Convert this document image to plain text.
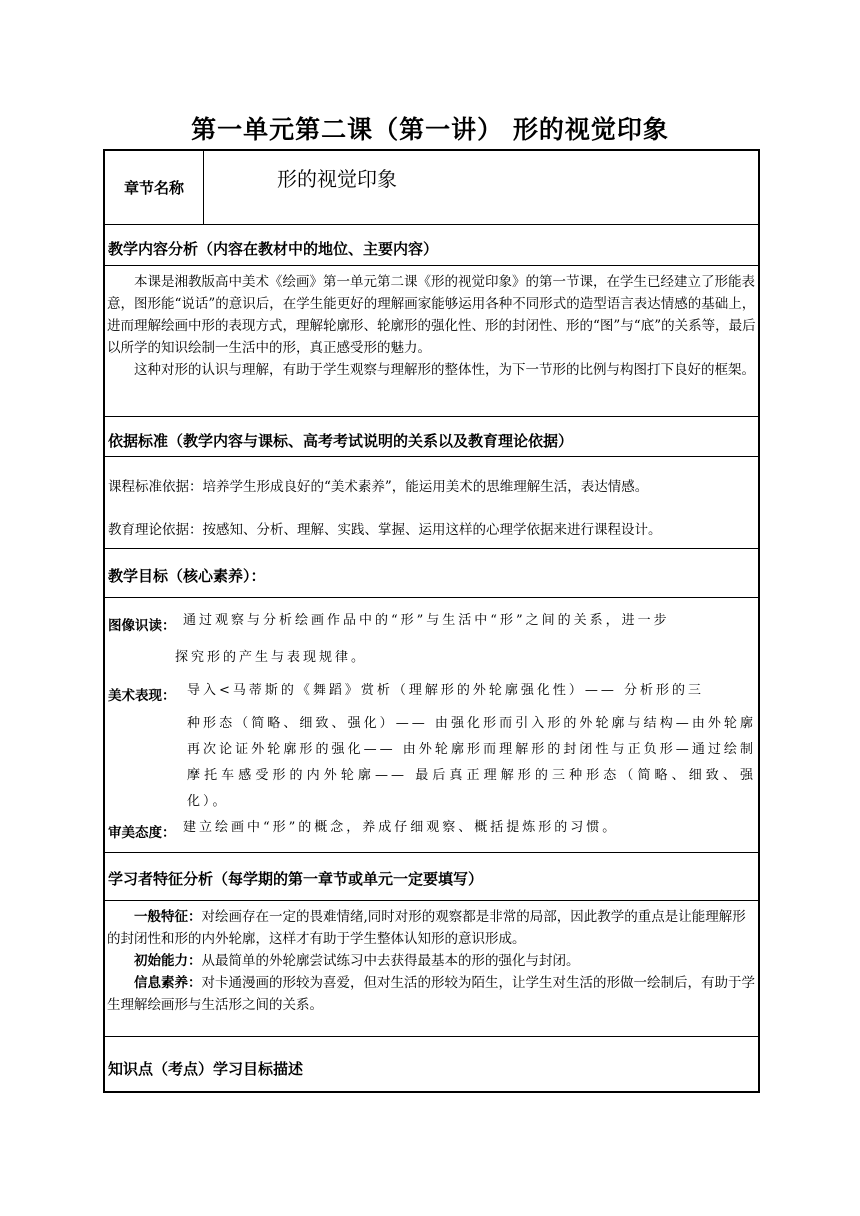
第一单元第二课（第一讲） 形的视觉印象
章节名称	形的视觉印象
教学内容分析（内容在教材中的地位、主要内容）

本课是湘教版高中美术《绘画》第一单元第二课《形的视觉印象》的第一节课，在学生已经建立了形能表意，图形能“说话”的意识后，在学生能更好的理解画家能够运用各种不同形式的造型语言表达情感的基础上，进而理解绘画中形的表现方式，理解轮廓形、轮廓形的强化性、形的封闭性、形的“图”与“底”的关系等，最后以所学的知识绘制一生活中的形，真正感受形的魅力。

这种对形的认识与理解，有助于学生观察与理解形的整体性，为下一节形的比例与构图打下良好的框架。

依据标准（教学内容与课标、高考考试说明的关系以及教育理论依据）
课程标准依据：培养学生形成良好的“美术素养”，能运用美术的思维理解生活，表达情感。
教育理论依据：按感知、分析、理解、实践、掌握、运用这样的心理学依据来进行课程设计。
教学目标（核心素养）：
图像识读： 通过观察与分析绘画作品中的“形”与生活中“形”之间的关系，进一步
探究形的产生与表现规律。
美术表现： 导入<马蒂斯的《舞蹈》赏析（理解形的外轮廓强化性）—— 分析形的三
种形态（简略、细致、强化）—— 由强化形而引入形的外轮廓与结构—由外轮廓再次论证外轮廓形的强化—— 由外轮廓形而理解形的封闭性与正负形—通过绘制摩托车感受形的内外轮廓—— 最后真正理解形的三种形态（简略、细致、强化）。
审美态度： 建立绘画中“形”的概念，养成仔细观察、概括提炼形的习惯。
学习者特征分析（每学期的第一章节或单元一定要填写）

一般特征：对绘画存在一定的畏难情绪,同时对形的观察都是非常的局部，因此教学的重点是让能理解形的封闭性和形的内外轮廓，这样才有助于学生整体认知形的意识形成。

初始能力：从最简单的外轮廓尝试练习中去获得最基本的形的强化与封闭。

信息素养：对卡通漫画的形较为喜爱，但对生活的形较为陌生，让学生对生活的形做一绘制后，有助于学生理解绘画形与生活形之间的关系。

知识点（考点）学习目标描述
